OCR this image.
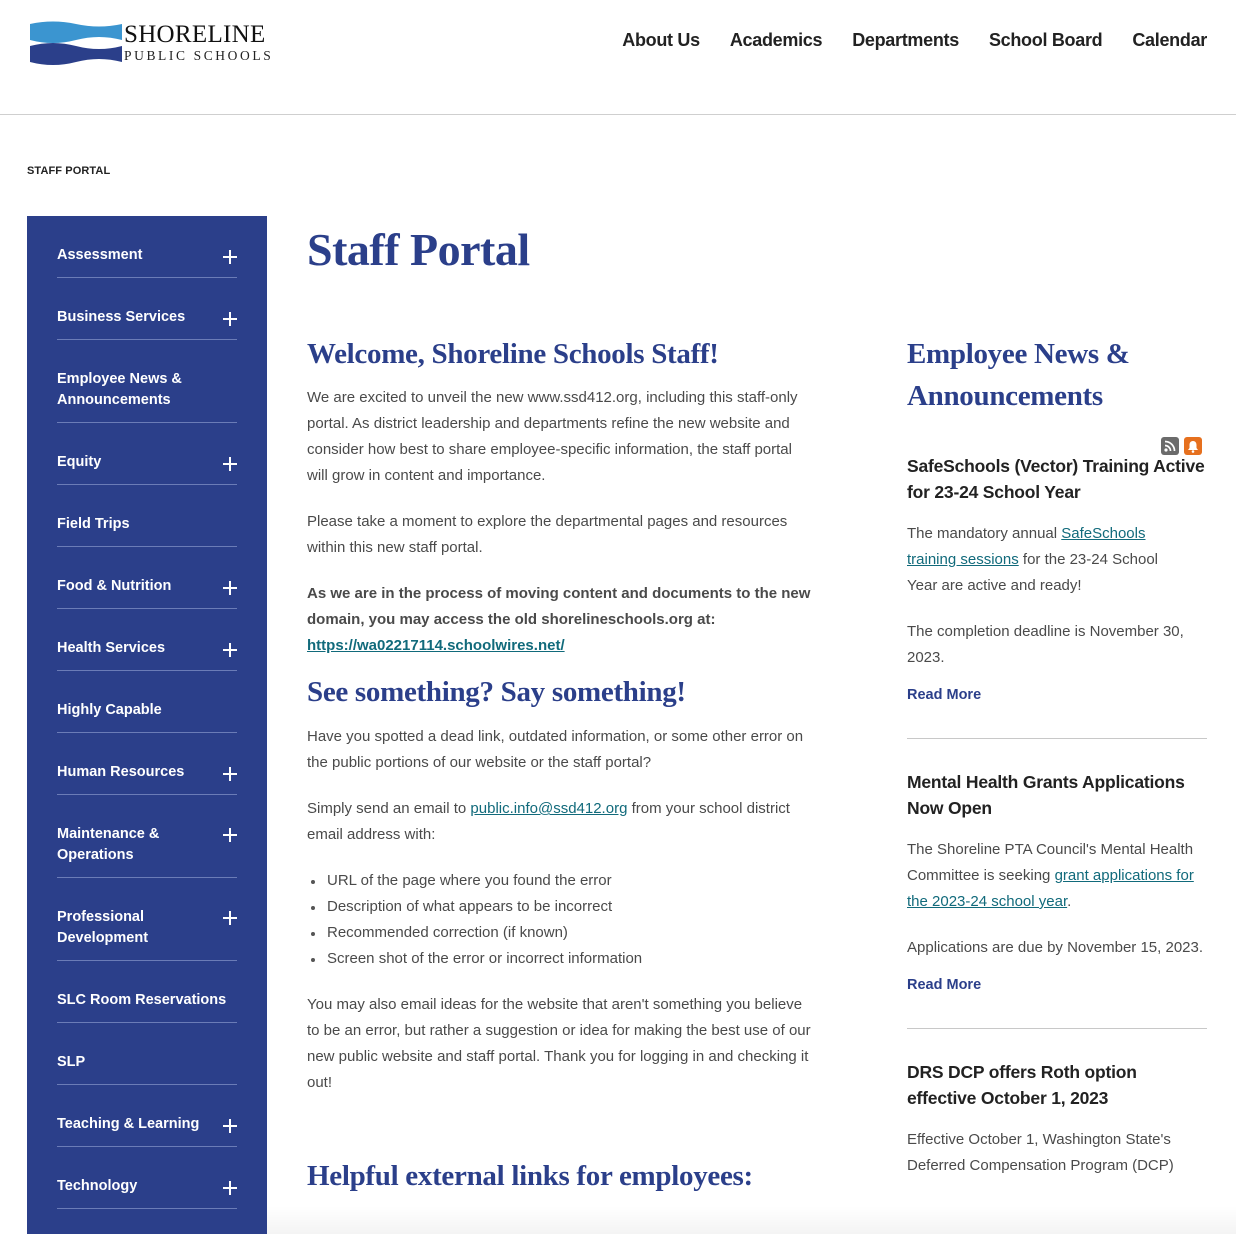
SHORELINE
PUBLIC SCHOOLS
About Us Academics Departments School Board Calendar
STAFF PORTAL
Assessment
Business Services
Employee News & Announcements
Equity
Field Trips
Food & Nutrition
Health Services
Highly Capable
Human Resources
Maintenance & Operations
Professional Development
SLC Room Reservations
SLP
Teaching & Learning
Technology
Staff Portal
Welcome, Shoreline Schools Staff!

We are excited to unveil the new www.ssd412.org, including this staff-only portal. As district leadership and departments refine the new website and consider how best to share employee-specific information, the staff portal will grow in content and importance.

Please take a moment to explore the departmental pages and resources within this new staff portal.

As we are in the process of moving content and documents to the new domain, you may access the old shorelineschools.org at: https://wa02217114.schoolwires.net/

See something? Say something!

Have you spotted a dead link, outdated information, or some other error on the public portions of our website or the staff portal?

Simply send an email to public.info@ssd412.org from your school district email address with:

URL of the page where you found the error
Description of what appears to be incorrect
Recommended correction (if known)
Screen shot of the error or incorrect information

You may also email ideas for the website that aren't something you believe to be an error, but rather a suggestion or idea for making the best use of our new public website and staff portal. Thank you for logging in and checking it out!

Helpful external links for employees:
Employee News & Announcements
SafeSchools (Vector) Training Active for 23-24 School Year

The mandatory annual SafeSchools training sessions for the 23-24 School Year are active and ready!

The completion deadline is November 30, 2023.

Read More
Mental Health Grants Applications Now Open

The Shoreline PTA Council's Mental Health Committee is seeking grant applications for the 2023-24 school year.

Applications are due by November 15, 2023.

Read More
DRS DCP offers Roth option effective October 1, 2023

Effective October 1, Washington State's Deferred Compensation Program (DCP)
